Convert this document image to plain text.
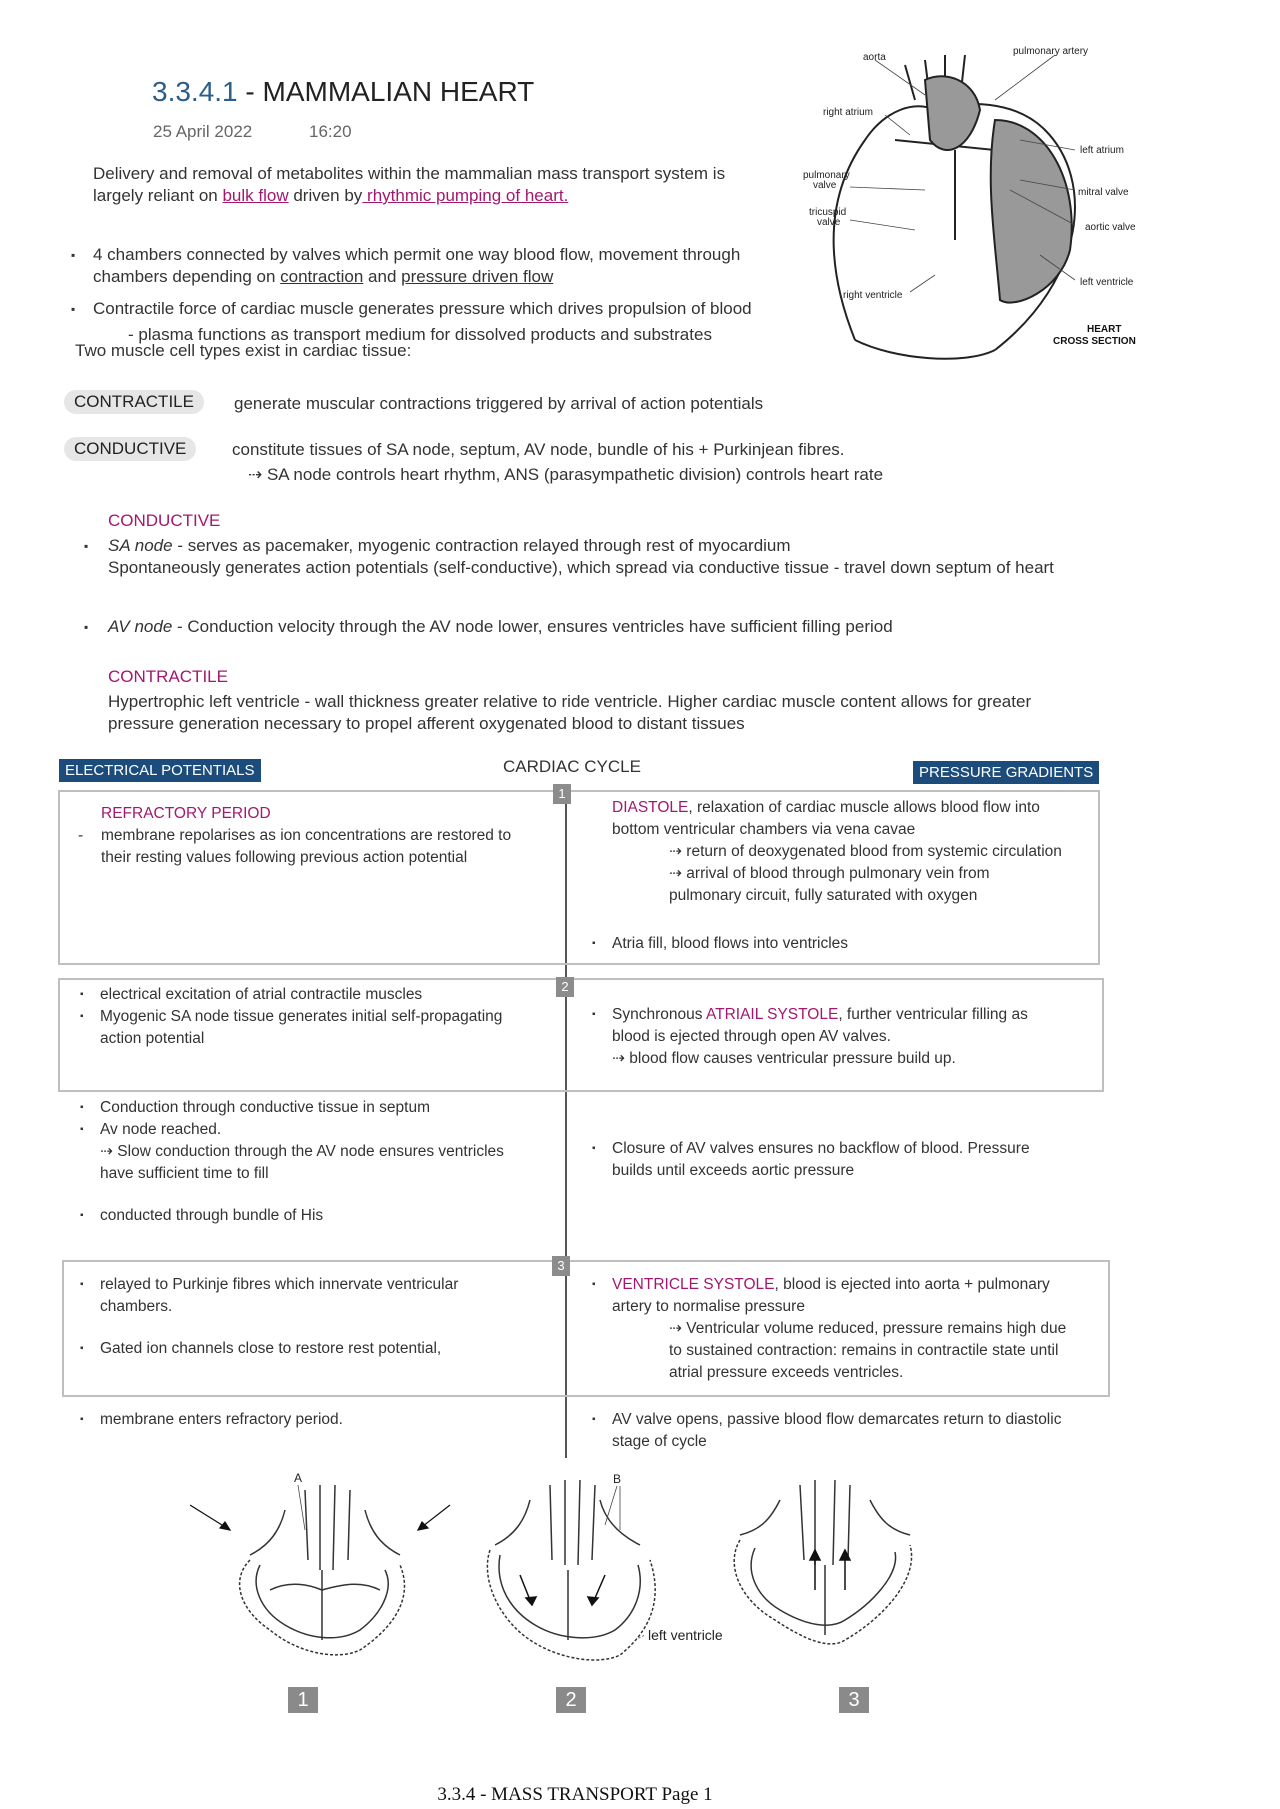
3.3.4.1 - MAMMALIAN HEART
25 April 2022	16:20
Delivery and removal of metabolites within the mammalian mass transport system is
largely reliant on bulk flow driven by rhythmic pumping of heart.
▪ 4 chambers connected by valves which permit one way blood flow, movement through
chambers depending on contraction and pressure driven flow
▪ Contractile force of cardiac muscle generates pressure which drives propulsion of blood
- plasma functions as transport medium for dissolved products and substrates
Two muscle cell types exist in cardiac tissue:
aorta
pulmonary artery
right atrium
left atrium
pulmonary
valve
mitral valve
tricuspid
valve	aortic valve
left ventricle
right ventricle
HEART
CROSS SECTION
CONTRACTILE	generate muscular contractions triggered by arrival of action potentials
CONDUCTIVE	constitute tissues of SA node, septum, AV node, bundle of his + Purkinjean fibres.
⇢ SA node controls heart rhythm, ANS (parasympathetic division) controls heart rate
CONDUCTIVE
▪ SA node - serves as pacemaker, myogenic contraction relayed through rest of myocardium
Spontaneously generates action potentials (self-conductive), which spread via conductive tissue - travel down septum of heart
▪ AV node - Conduction velocity through the AV node lower, ensures ventricles have sufficient filling period
CONTRACTILE
Hypertrophic left ventricle - wall thickness greater relative to ride ventricle. Higher cardiac muscle content allows for greater
pressure generation necessary to propel afferent oxygenated blood to distant tissues
ELECTRICAL POTENTIALS	CARDIAC CYCLE	PRESSURE GRADIENTS
1
2
3
REFRACTORY PERIOD
- membrane repolarises as ion concentrations are restored to
their resting values following previous action potential
DIASTOLE, relaxation of cardiac muscle allows blood flow into
bottom ventricular chambers via vena cavae
⇢ return of deoxygenated blood from systemic circulation
⇢ arrival of blood through pulmonary vein from
pulmonary circuit, fully saturated with oxygen
▪ Atria fill, blood flows into ventricles
▪ electrical excitation of atrial contractile muscles
▪ Myogenic SA node tissue generates initial self-propagating
action potential
▪ Synchronous ATRIAIL SYSTOLE, further ventricular filling as
blood is ejected through open AV valves.
⇢ blood flow causes ventricular pressure build up.
▪ Conduction through conductive tissue in septum
▪ Av node reached.
⇢ Slow conduction through the AV node ensures ventricles
have sufficient time to fill
▪ conducted through bundle of His
▪ Closure of AV valves ensures no backflow of blood. Pressure
builds until exceeds aortic pressure
▪ relayed to Purkinje fibres which innervate ventricular
chambers.
▪ Gated ion channels close to restore rest potential,
▪ VENTRICLE SYSTOLE, blood is ejected into aorta + pulmonary
artery to normalise pressure
⇢ Ventricular volume reduced, pressure remains high due
to sustained contraction: remains in contractile state until
atrial pressure exceeds ventricles.
▪ membrane enters refractory period.
▪	AV valve opens, passive blood flow demarcates return to diastolic
stage of cycle
A	B
left ventricle
1	2	3
3.3.4 - MASS TRANSPORT Page 1
